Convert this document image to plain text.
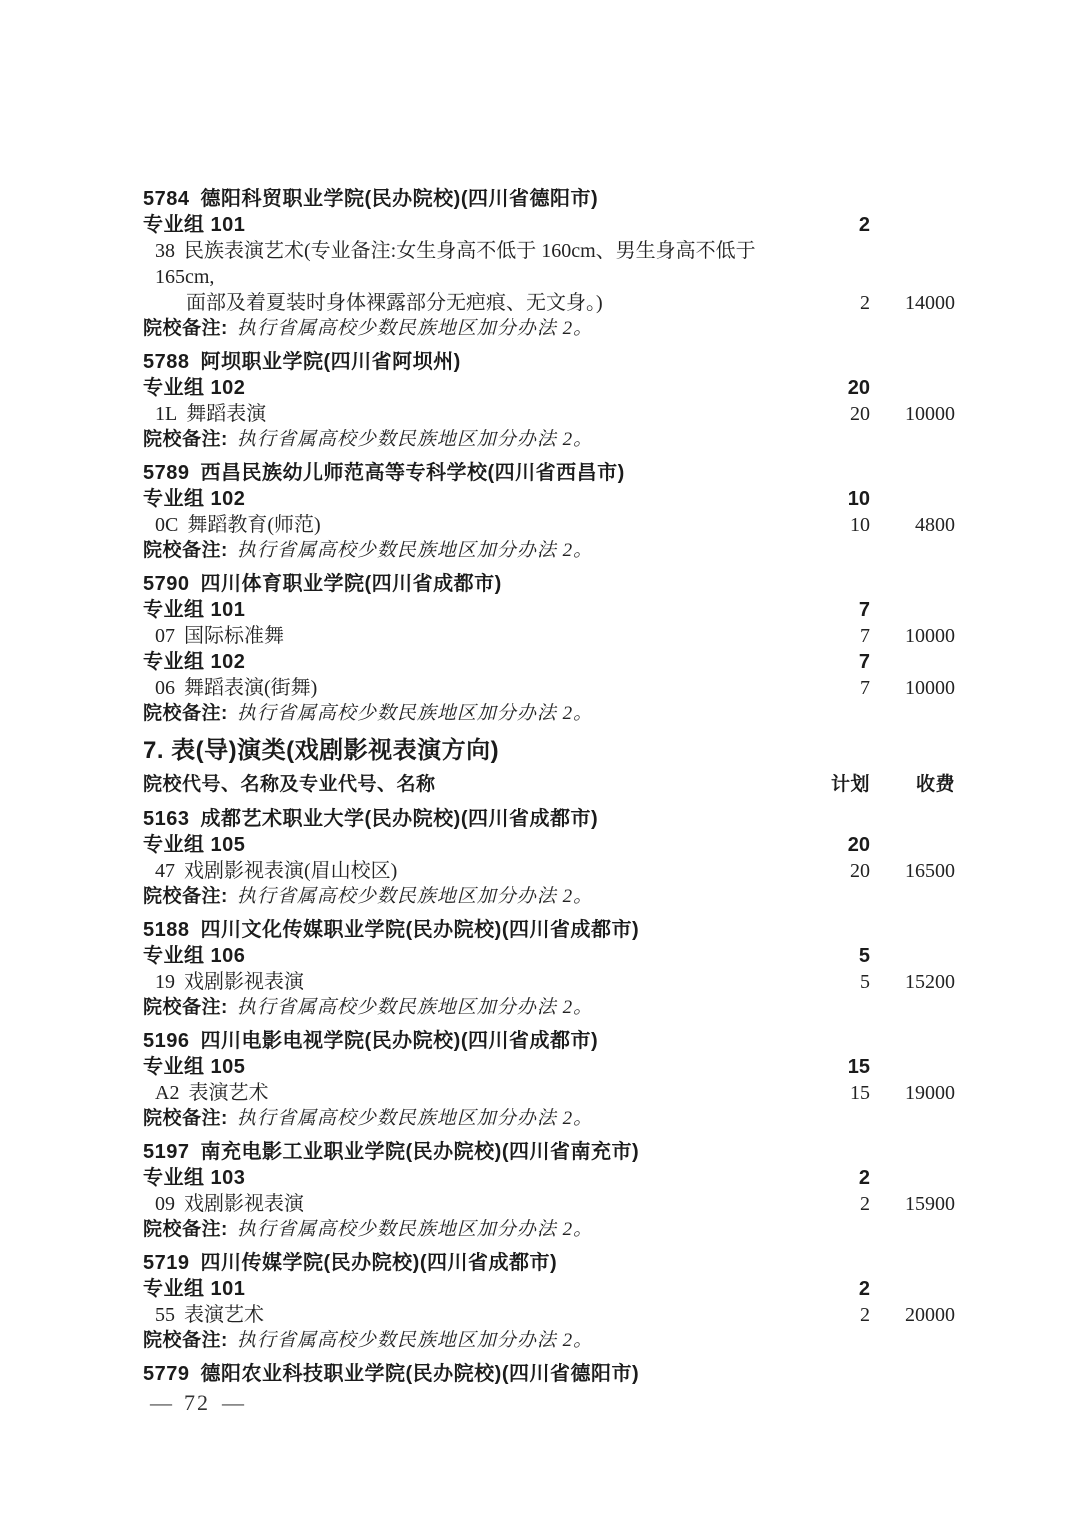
5784 德阳科贸职业学院(民办院校)(四川省德阳市)
专业组 101	2
38 民族表演艺术(专业备注:女生身高不低于 160cm、男生身高不低于 165cm,
面部及着夏装时身体裸露部分无疤痕、无文身。)	2	14000
院校备注: 执行省属高校少数民族地区加分办法 2。
5788 阿坝职业学院(四川省阿坝州)
专业组 102	20
1L 舞蹈表演	20	10000
院校备注: 执行省属高校少数民族地区加分办法 2。
5789 西昌民族幼儿师范高等专科学校(四川省西昌市)
专业组 102	10
0C 舞蹈教育(师范)	10	4800
院校备注: 执行省属高校少数民族地区加分办法 2。
5790 四川体育职业学院(四川省成都市)
专业组 101	7
07 国际标准舞	7	10000
专业组 102	7
06 舞蹈表演(街舞)	7	10000
院校备注: 执行省属高校少数民族地区加分办法 2。
7. 表(导)演类(戏剧影视表演方向)
院校代号、名称及专业代号、名称	计划	收费
5163 成都艺术职业大学(民办院校)(四川省成都市)
专业组 105	20
47 戏剧影视表演(眉山校区)	20	16500
院校备注: 执行省属高校少数民族地区加分办法 2。
5188 四川文化传媒职业学院(民办院校)(四川省成都市)
专业组 106	5
19 戏剧影视表演	5	15200
院校备注: 执行省属高校少数民族地区加分办法 2。
5196 四川电影电视学院(民办院校)(四川省成都市)
专业组 105	15
A2 表演艺术	15	19000
院校备注: 执行省属高校少数民族地区加分办法 2。
5197 南充电影工业职业学院(民办院校)(四川省南充市)
专业组 103	2
09 戏剧影视表演	2	15900
院校备注: 执行省属高校少数民族地区加分办法 2。
5719 四川传媒学院(民办院校)(四川省成都市)
专业组 101	2
55 表演艺术	2	20000
院校备注: 执行省属高校少数民族地区加分办法 2。
5779 德阳农业科技职业学院(民办院校)(四川省德阳市)
— 72 —
